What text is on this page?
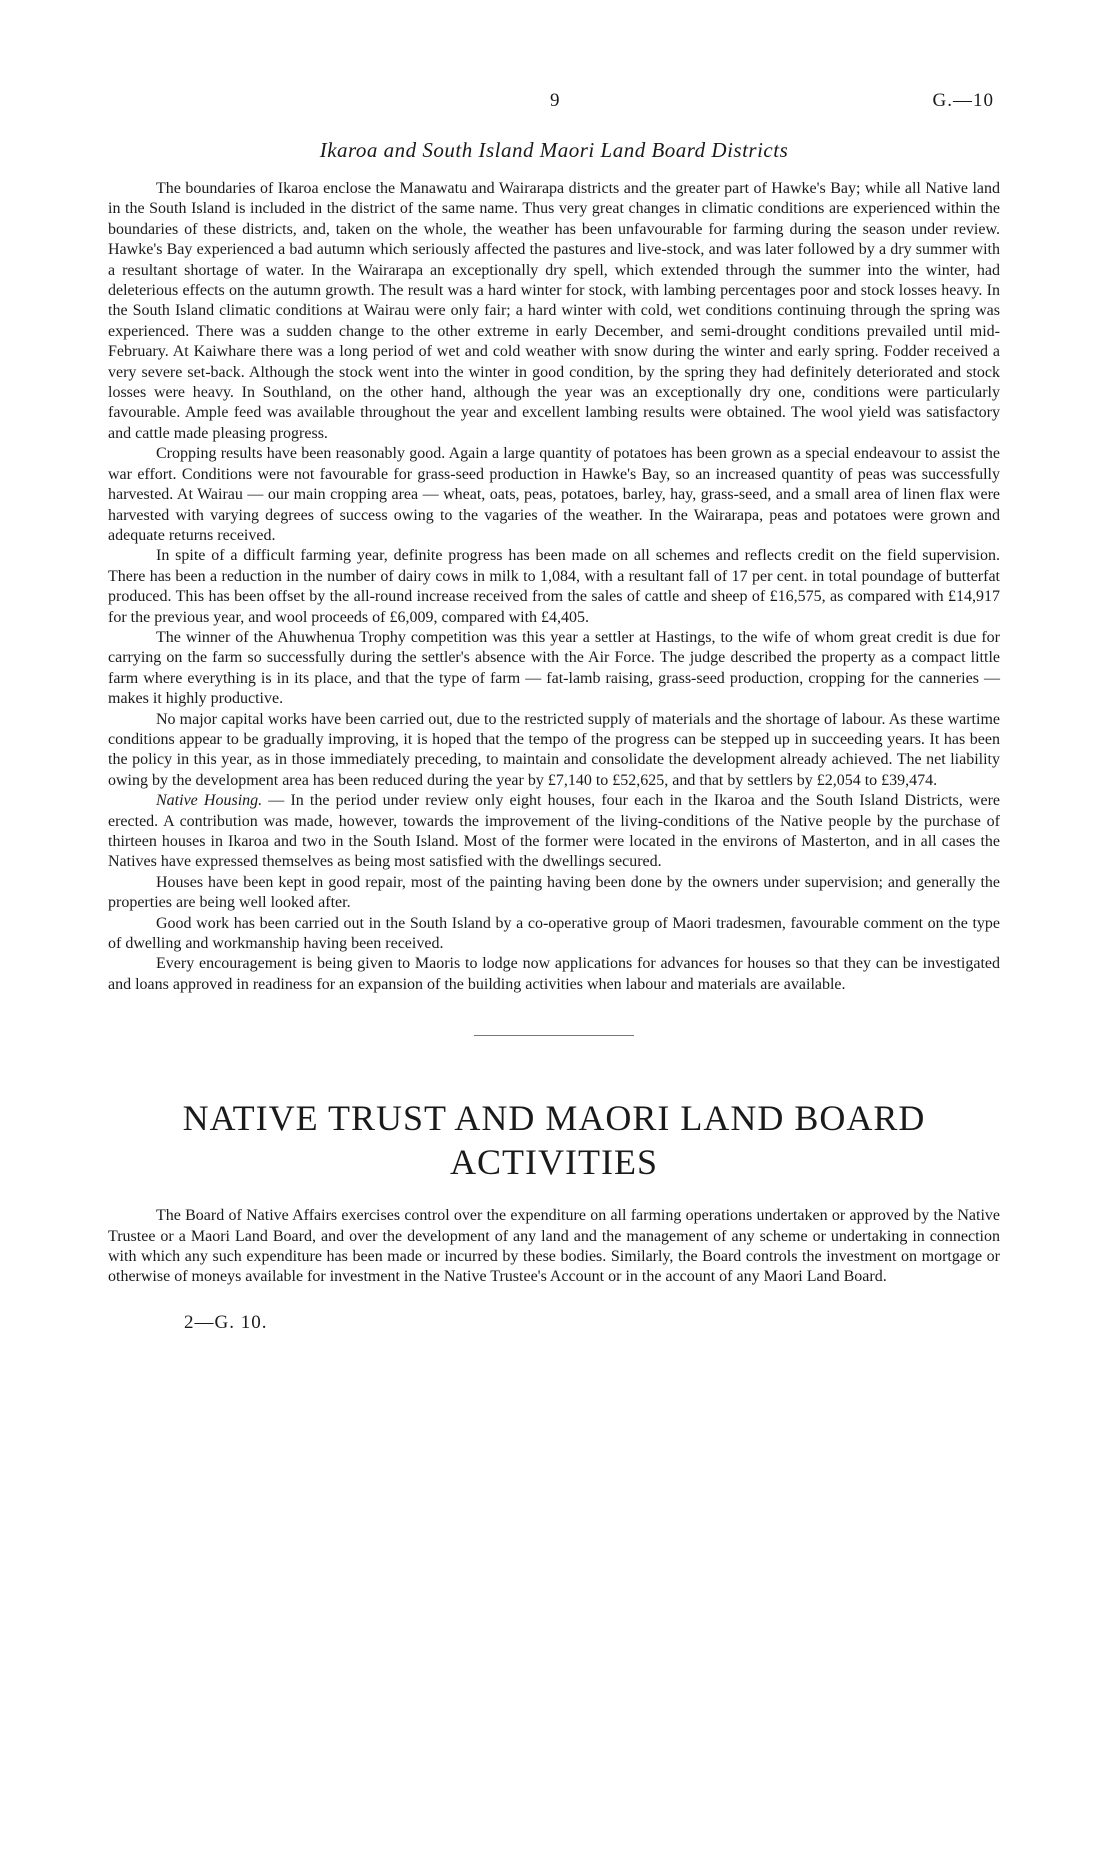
9	G.—10
Ikaroa and South Island Maori Land Board Districts

The boundaries of Ikaroa enclose the Manawatu and Wairarapa districts and the greater part of Hawke's Bay; while all Native land in the South Island is included in the district of the same name. Thus very great changes in climatic conditions are experienced within the boundaries of these districts, and, taken on the whole, the weather has been unfavourable for farming during the season under review. Hawke's Bay experienced a bad autumn which seriously affected the pastures and live-stock, and was later followed by a dry summer with a resultant shortage of water. In the Wairarapa an exceptionally dry spell, which extended through the summer into the winter, had deleterious effects on the autumn growth. The result was a hard winter for stock, with lambing percentages poor and stock losses heavy. In the South Island climatic conditions at Wairau were only fair; a hard winter with cold, wet conditions continuing through the spring was experienced. There was a sudden change to the other extreme in early December, and semi-drought conditions prevailed until mid-February. At Kaiwhare there was a long period of wet and cold weather with snow during the winter and early spring. Fodder received a very severe set-back. Although the stock went into the winter in good condition, by the spring they had definitely deteriorated and stock losses were heavy. In Southland, on the other hand, although the year was an exceptionally dry one, conditions were particularly favourable. Ample feed was available throughout the year and excellent lambing results were obtained. The wool yield was satisfactory and cattle made pleasing progress.

Cropping results have been reasonably good. Again a large quantity of potatoes has been grown as a special endeavour to assist the war effort. Conditions were not favourable for grass-seed production in Hawke's Bay, so an increased quantity of peas was successfully harvested. At Wairau — our main cropping area — wheat, oats, peas, potatoes, barley, hay, grass-seed, and a small area of linen flax were harvested with varying degrees of success owing to the vagaries of the weather. In the Wairarapa, peas and potatoes were grown and adequate returns received.

In spite of a difficult farming year, definite progress has been made on all schemes and reflects credit on the field supervision. There has been a reduction in the number of dairy cows in milk to 1,084, with a resultant fall of 17 per cent. in total poundage of butterfat produced. This has been offset by the all-round increase received from the sales of cattle and sheep of £16,575, as compared with £14,917 for the previous year, and wool proceeds of £6,009, compared with £4,405.

The winner of the Ahuwhenua Trophy competition was this year a settler at Hastings, to the wife of whom great credit is due for carrying on the farm so successfully during the settler's absence with the Air Force. The judge described the property as a compact little farm where everything is in its place, and that the type of farm — fat-lamb raising, grass-seed production, cropping for the canneries — makes it highly productive.

No major capital works have been carried out, due to the restricted supply of materials and the shortage of labour. As these wartime conditions appear to be gradually improving, it is hoped that the tempo of the progress can be stepped up in succeeding years. It has been the policy in this year, as in those immediately preceding, to maintain and consolidate the development already achieved. The net liability owing by the development area has been reduced during the year by £7,140 to £52,625, and that by settlers by £2,054 to £39,474.

Native Housing. — In the period under review only eight houses, four each in the Ikaroa and the South Island Districts, were erected. A contribution was made, however, towards the improvement of the living-conditions of the Native people by the purchase of thirteen houses in Ikaroa and two in the South Island. Most of the former were located in the environs of Masterton, and in all cases the Natives have expressed themselves as being most satisfied with the dwellings secured.

Houses have been kept in good repair, most of the painting having been done by the owners under supervision; and generally the properties are being well looked after.

Good work has been carried out in the South Island by a co-operative group of Maori tradesmen, favourable comment on the type of dwelling and workmanship having been received.

Every encouragement is being given to Maoris to lodge now applications for advances for houses so that they can be investigated and loans approved in readiness for an expansion of the building activities when labour and materials are available.

NATIVE TRUST AND MAORI LAND BOARD
ACTIVITIES

The Board of Native Affairs exercises control over the expenditure on all farming operations undertaken or approved by the Native Trustee or a Maori Land Board, and over the development of any land and the management of any scheme or undertaking in connection with which any such expenditure has been made or incurred by these bodies. Similarly, the Board controls the investment on mortgage or otherwise of moneys available for investment in the Native Trustee's Account or in the account of any Maori Land Board.

2—G. 10.
